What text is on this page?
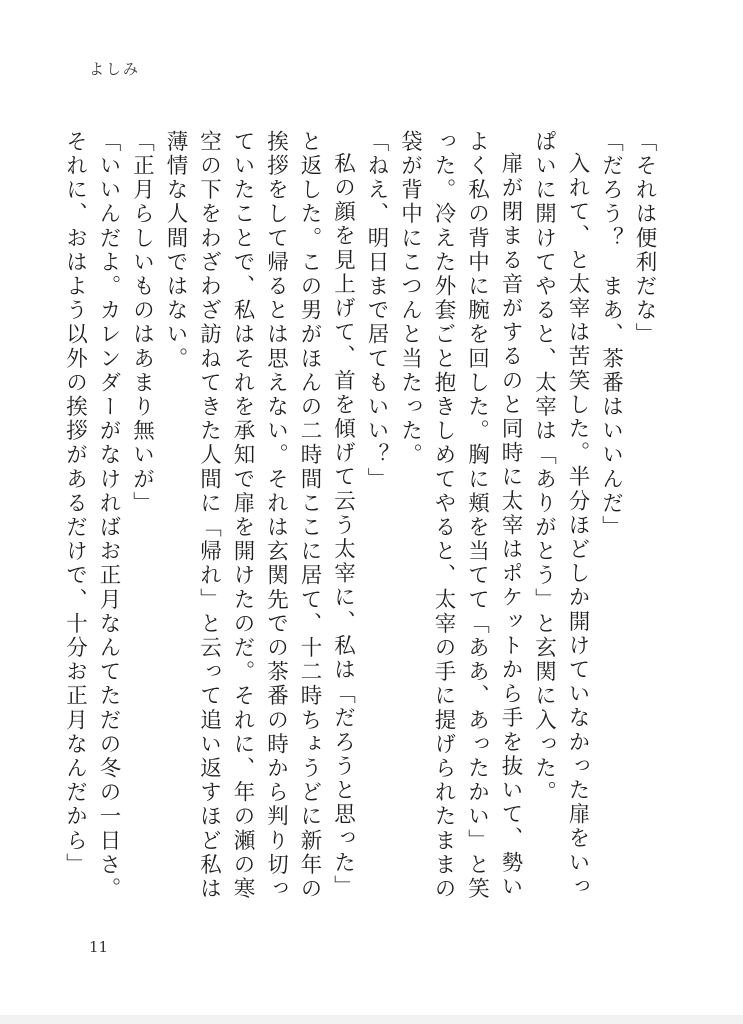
よしみ

「それは便利だな」

「だろう？　まあ、茶番はいいんだ」

入れて、と太宰は苦笑した。半分ほどしか開けていなかった扉をいっぱいに開けてやると、太宰は「ありがとう」と玄関に入った。

扉が閉まる音がするのと同時に太宰はポケットから手を抜いて、勢いよく私の背中に腕を回した。胸に頬を当てて「ああ、あったかい」と笑った。冷えた外套ごと抱きしめてやると、太宰の手に提げられたままの袋が背中にこつんと当たった。

「ねえ、明日まで居てもいい？」

私の顔を見上げて、首を傾げて云う太宰に、私は「だろうと思った」と返した。この男がほんの二時間ここに居て、十二時ちょうどに新年の挨拶をして帰るとは思えない。それは玄関先での茶番の時から判り切っていたことで、私はそれを承知で扉を開けたのだ。それに、年の瀬の寒空の下をわざわざ訪ねてきた人間に「帰れ」と云って追い返すほど私は薄情な人間ではない。

「正月らしいものはあまり無いが」

「いいんだよ。カレンダーがなければお正月なんてただの冬の一日さ。それに、おはよう以外の挨拶があるだけで、十分お正月なんだから」

11
